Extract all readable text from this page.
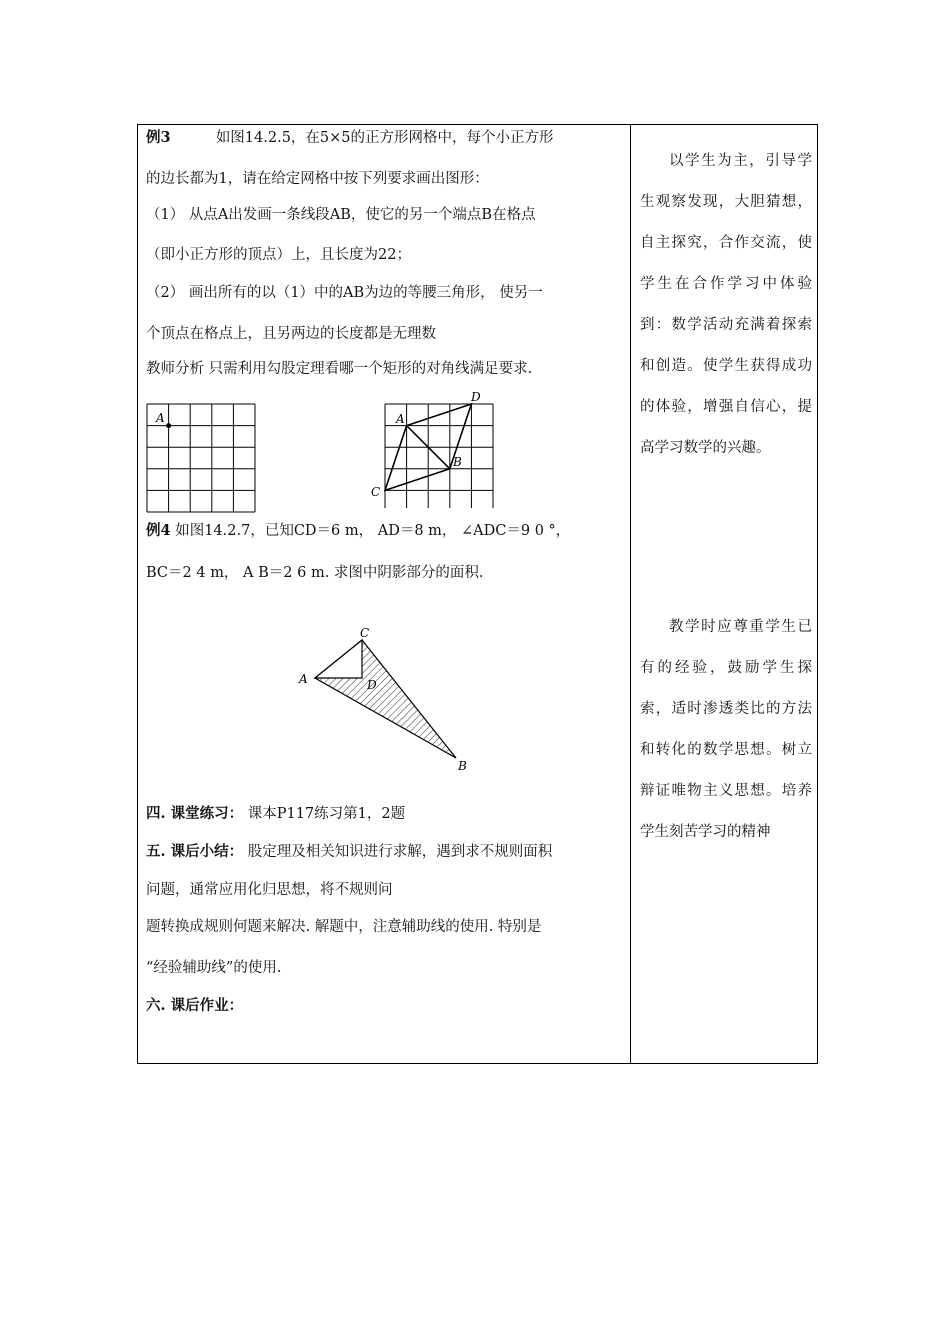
例3	如图14.2.5，在5×5的正方形网格中，每个小正方形
的边长都为1，请在给定网格中按下列要求画出图形：
（1） 从点A出发画一条线段AB，使它的另一个端点B在格点
（即小正方形的顶点）上，且长度为22；
（2） 画出所有的以（1）中的AB为边的等腰三角形， 使另一
个顶点在格点上，且另两边的长度都是无理数
教师分析 只需利用勾股定理看哪一个矩形的对角线满足要求.
A	A
D
B
C
例4 如图14.2.7，已知CD＝6 m， AD＝8 m， ∠ADC＝9 0 °，
BC＝2 4 m， A B＝2 6 m. 求图中阴影部分的面积.
C
A	D
B
四. 课堂练习： 课本P117练习第1，2题
五. 课后小结： 股定理及相关知识进行求解，遇到求不规则面积
问题，通常应用化归思想，将不规则问
题转换成规则何题来解决. 解题中，注意辅助线的使用. 特别是
“经验辅助线”的使用.
六. 课后作业：

以学生为主，引导学生观察发现，大胆猜想，自主探究，合作交流，使学生在合作学习中体验到：数学活动充满着探索和创造。使学生获得成功的体验，增强自信心，提高学习数学的兴趣。

教学时应尊重学生已有的经验，鼓励学生探索，适时渗透类比的方法和转化的数学思想。树立辩证唯物主义思想。培养学生刻苦学习的精神
